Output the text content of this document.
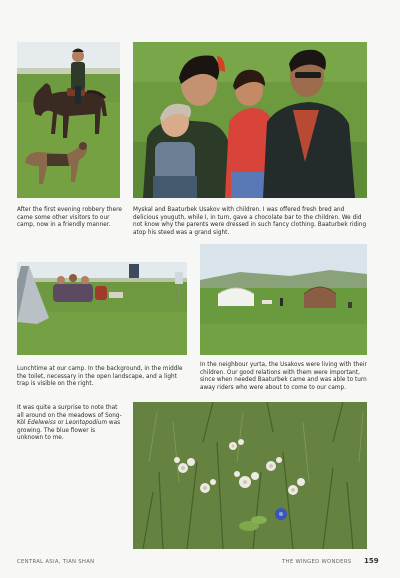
After the first evening robbery there came some other visitors to our camp, now in a friendly manner.

Myskal and Baaturbek Usakov with children. I was offered fresh bred and delicious youguth, while I, in turn, gave a chocolate bar to the children. We did not know why the parents were dressed in such fancy clothing. Baaturbek riding atop his steed was a grand sight.

Lunchtime at our camp. In the background, in the middle the toilet, necessary in the open landscape, and a light trap is visible on the right.

In the neighbour yurta, the Usakovs were living with their children. Our good relations with them were important, since when needed Baaturbek came and was able to turn away riders who were about to come to our camp.

It was quite a surprise to note that all around on the meadows of Song-Köl Edelweiss or Leontopodium was growing. The blue flower is unknown to me.

CENTRAL ASIA, TIAN SHAN	THE WINGED WONDERS 159
